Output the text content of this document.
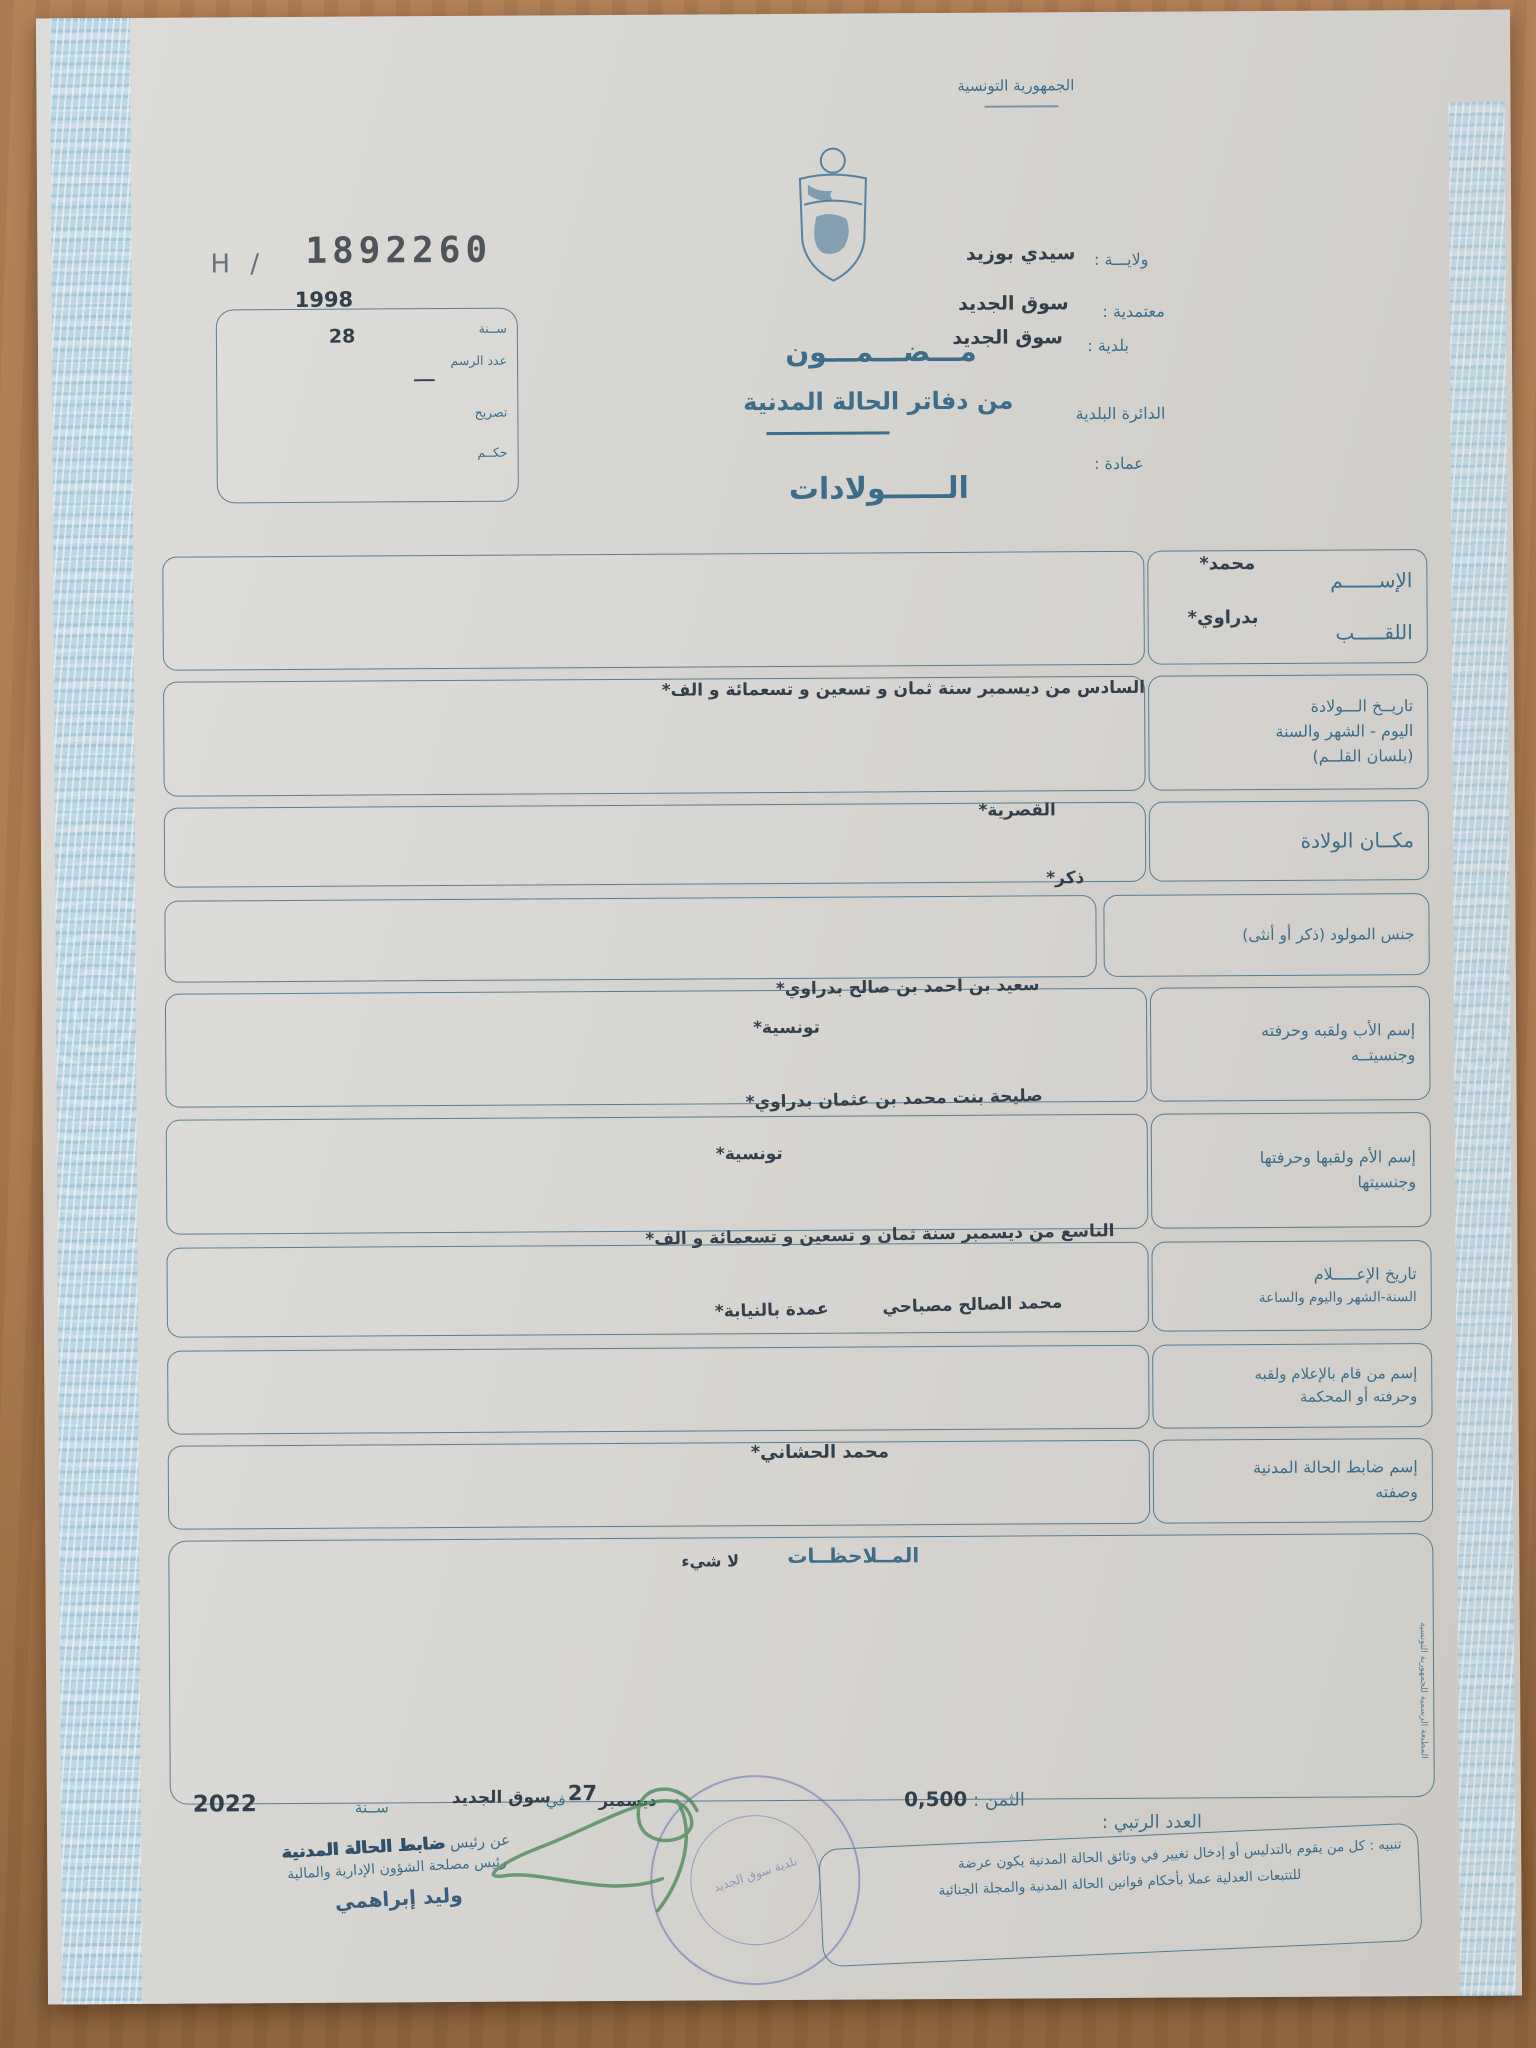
الجمهورية التونسية
H / 1892260
1998
28	ســنة
عدد الرسم
تصريح
حكــم
ــــ
ولايـــة :
سيدي بوزيد
معتمدية :
سوق الجديد
بلدية :
سوق الجديد
الدائرة البلدية
عمادة :
مـــضـــمـــون
من دفاتر الحالة المدنية
الــــــولادات
الإســــــم
اللقـــــب
محمد*
بدراوي*
تاريــخ الـــولادة
اليوم - الشهر والسنة
(بلسان القلــم)
السادس من ديسمبر سنة ثمان و تسعين و تسعمائة و الف*
مكــان الولادة
القصرية*
جنس المولود (ذكر أو أنثى)
ذكر*
إسم الأب ولقبه وحرفته
وجنسيتــه
سعيد بن احمد بن صالح بدراوي*
تونسية*
إسم الأم ولقبها وحرفتها
وجنسيتها
صليحة بنت محمد بن عثمان بدراوي*
تونسية*
تاريخ الإعـــــلام
السنة-الشهر واليوم والساعة
التاسع من ديسمبر سنة ثمان و تسعين و تسعمائة و الف*
إسم من قام بالإعلام ولقبه
وحرفته أو المحكمة
محمد الصالح مصباحي  عمدة بالنيابة*
إسم ضابط الحالة المدنية
وصفته
محمد الحشاني*
المــلاحظــات
لا شيء
المطبعة الرسمية للجمهورية التونسية
الثمن : 0,500
العدد الرتبي :
تنبيه : كل من يقوم بالتدليس أو إدخال تغيير في وثائق الحالة المدنية يكون عرضة
للتتبعات العدلية عملا بأحكام قوانين الحالة المدنية والمجلة الجنائية
سوق الجديد
في 27 ديسمبر
ســنة
2022
عن رئيس ضابط الحالة المدنية
رئيس مصلحة الشؤون الإدارية والمالية
وليد إبراهمي
بلدية سوق الجديد
